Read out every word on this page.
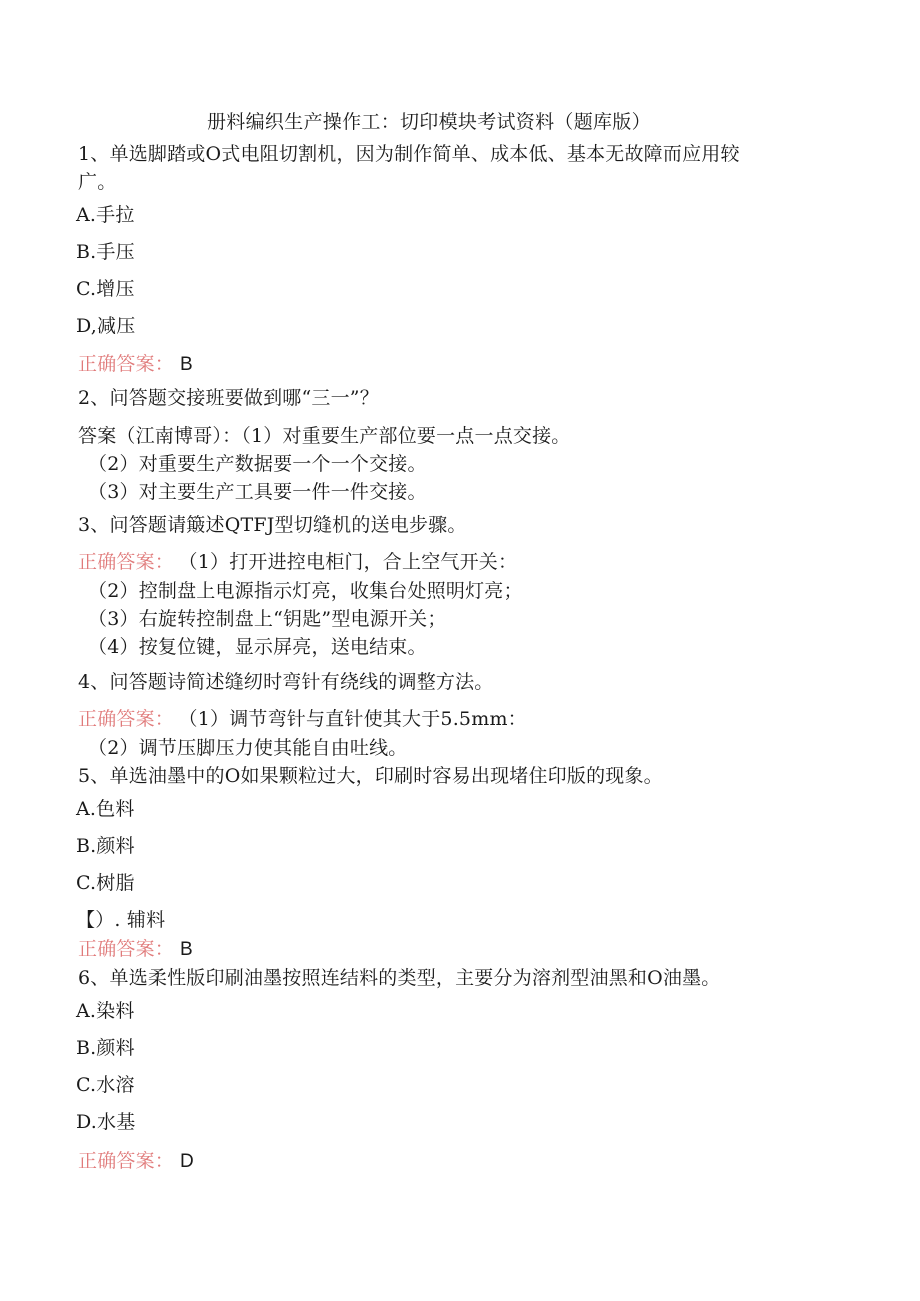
册料编织生产操作工：切印模块考试资料（题库版）
1、单选脚踏或O式电阻切割机，因为制作简单、成本低、基本无故障而应用较
广。
A.手拉
B.手压
C.增压
D,减压
正确答案： B
2、问答题交接班要做到哪“三一”？
答案（江南博哥）：（1）对重要生产部位要一点一点交接。
（2）对重要生产数据要一个一个交接。
（3）对主要生产工具要一件一件交接。
3、问答题请簸述QTFJ型切缝机的送电步骤。
正确答案： （1）打开进控电柜门，合上空气开关：
（2）控制盘上电源指示灯亮，收集台处照明灯亮；
（3）右旋转控制盘上“钥匙”型电源开关；
（4）按复位键，显示屏亮，送电结束。
4、问答题诗简述缝纫时弯针有绕线的调整方法。
正确答案： （1）调节弯针与直针使其大于5.5mm：
（2）调节压脚压力使其能自由吐线。
5、单选油墨中的O如果颗粒过大，印刷时容易出现堵住印版的现象。
A.色料
B.颜料
C.树脂
【）. 辅料
正确答案： B
6、单选柔性版印刷油墨按照连结料的类型，主要分为溶剂型油黑和O油墨。
A.染料
B.颜料
C.水溶
D.水基
正确答案： D
